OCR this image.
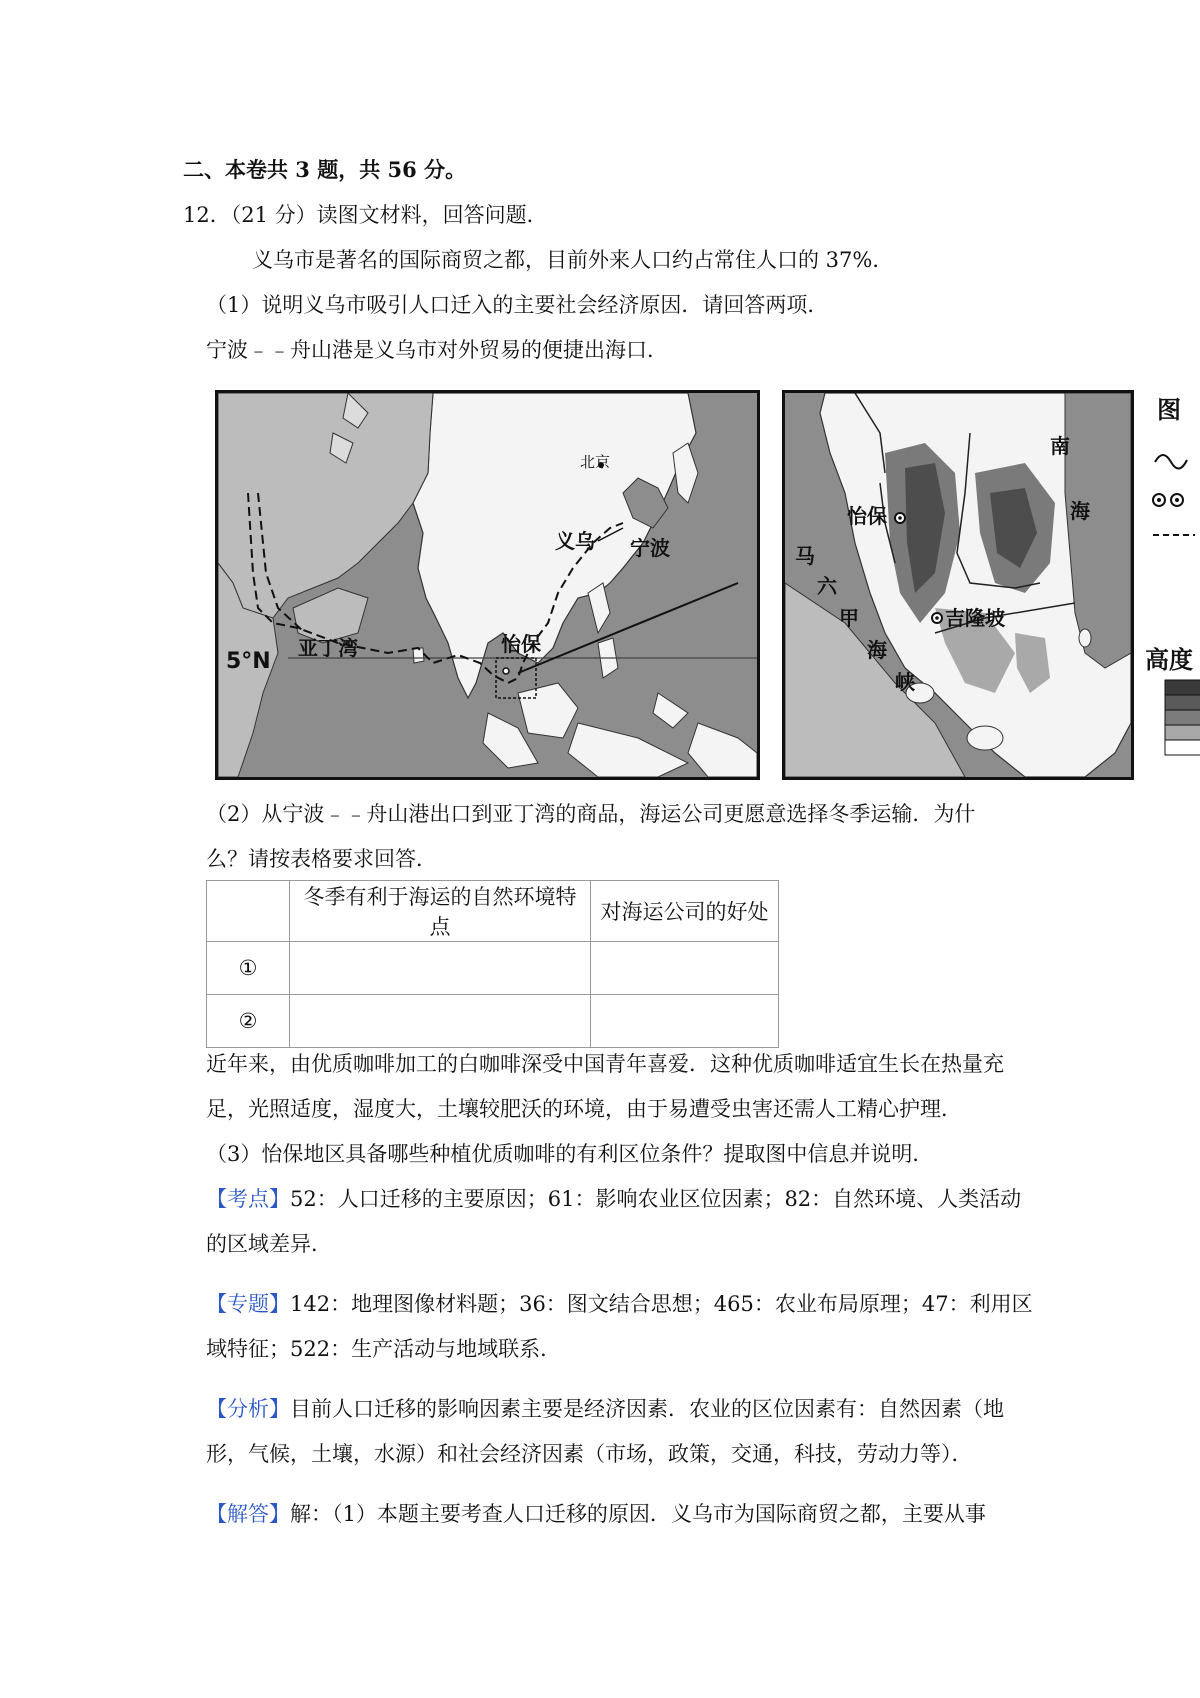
二、本卷共 3 题，共 56 分。
12．（21 分）读图文材料，回答问题．
义乌市是著名的国际商贸之都，目前外来人口约占常住人口的 37%．
（1）说明义乌市吸引人口迁入的主要社会经济原因．请回答两项．
宁波﹣﹣舟山港是义乌市对外贸易的便捷出海口．
北京
义乌 宁波
亚丁湾	怡保
5°N
南
海
怡保
吉隆坡
马
六
甲
海
峡
图
高度
（2）从宁波﹣﹣舟山港出口到亚丁湾的商品，海运公司更愿意选择冬季运输．为什
么？请按表格要求回答．
	冬季有利于海运的自然环境特点	对海运公司的好处
①		
②		
近年来，由优质咖啡加工的白咖啡深受中国青年喜爱．这种优质咖啡适宜生长在热量充
足，光照适度，湿度大，土壤较肥沃的环境，由于易遭受虫害还需人工精心护理．
（3）怡保地区具备哪些种植优质咖啡的有利区位条件？提取图中信息并说明．
【考点】52：人口迁移的主要原因；61：影响农业区位因素；82：自然环境、人类活动
的区域差异．
【专题】142：地理图像材料题；36：图文结合思想；465：农业布局原理；47：利用区
域特征；522：生产活动与地域联系．
【分析】目前人口迁移的影响因素主要是经济因素．农业的区位因素有：自然因素（地
形，气候，土壤，水源）和社会经济因素（市场，政策，交通，科技，劳动力等）．
【解答】解：（1）本题主要考查人口迁移的原因．义乌市为国际商贸之都，主要从事
